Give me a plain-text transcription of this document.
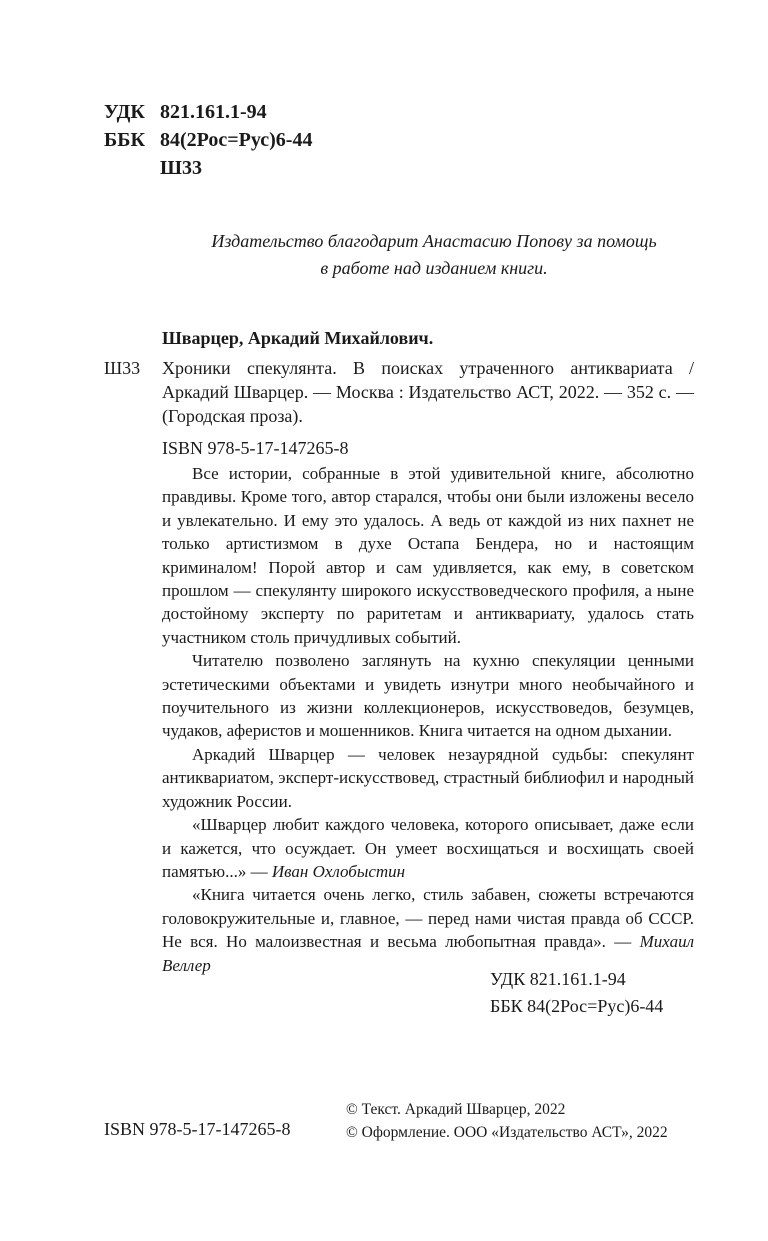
УДК 821.161.1-94
ББК 84(2Рос=Рус)6-44
Ш33
Издательство благодарит Анастасию Попову за помощь
в работе над изданием книги.
Шварцер, Аркадий Михайлович.
Ш33 Хроники спекулянта. В поисках утраченного антиквариата / Аркадий Шварцер. — Москва : Издательство АСТ, 2022. — 352 с. — (Городская проза).
ISBN 978-5-17-147265-8

Все истории, собранные в этой удивительной книге, абсолютно правдивы. Кроме того, автор старался, чтобы они были изложены весело и увлекательно. И ему это удалось. А ведь от каждой из них пахнет не только артистизмом в духе Остапа Бендера, но и настоящим криминалом! Порой автор и сам удивляется, как ему, в советском прошлом — спекулянту широкого искусствоведческого профиля, а ныне достойному эксперту по раритетам и антиквариату, удалось стать участником столь причудливых событий.

Читателю позволено заглянуть на кухню спекуляции ценными эстетическими объектами и увидеть изнутри много необычайного и поучительного из жизни коллекционеров, искусствоведов, безумцев, чудаков, аферистов и мошенников. Книга читается на одном дыхании.

Аркадий Шварцер — человек незаурядной судьбы: спекулянт антиквариатом, эксперт-искусствовед, страстный библиофил и народный художник России.

«Шварцер любит каждого человека, которого описывает, даже если и кажется, что осуждает. Он умеет восхищаться и восхищать своей памятью...» — Иван Охлобыстин

«Книга читается очень легко, стиль забавен, сюжеты встречаются головокружительные и, главное, — перед нами чистая правда об СССР. Не вся. Но малоизвестная и весьма любопытная правда». — Михаил Веллер

УДК 821.161.1-94
ББК 84(2Рос=Рус)6-44
ISBN 978-5-17-147265-8
© Текст. Аркадий Шварцер, 2022
© Оформление. ООО «Издательство АСТ», 2022
